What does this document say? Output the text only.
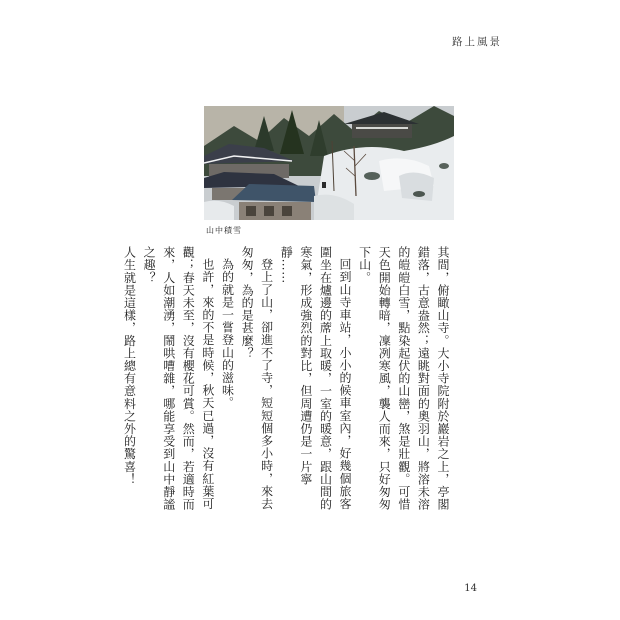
路上風景
山中積雪

其間，俯瞰山寺。大小寺院附於巖岩之上，亭閣錯落，古意盎然；遠眺對面的奧羽山，將溶未溶的皚皚白雪，點染起伏的山巒，煞是壯觀。可惜天色開始轉暗，凜冽寒風，襲人而來，只好匆匆下山。

回到山寺車站，小小的候車室內，好幾個旅客圍坐在爐邊的蓆上取暖，一室的暖意，跟山間的寒氣，形成強烈的對比，但周遭仍是一片寧靜……

登上了山，卻進不了寺，短短個多小時，來去匆匆，為的是甚麼？

為的就是一嘗登山的滋味。

也許，來的不是時候，秋天已過，沒有紅葉可觀；春天未至，沒有櫻花可賞。然而，若適時而來，人如潮湧，鬧哄嘈雜，哪能享受到山中靜謐之趣？

人生就是這樣，路上總有意料之外的驚喜！

14
